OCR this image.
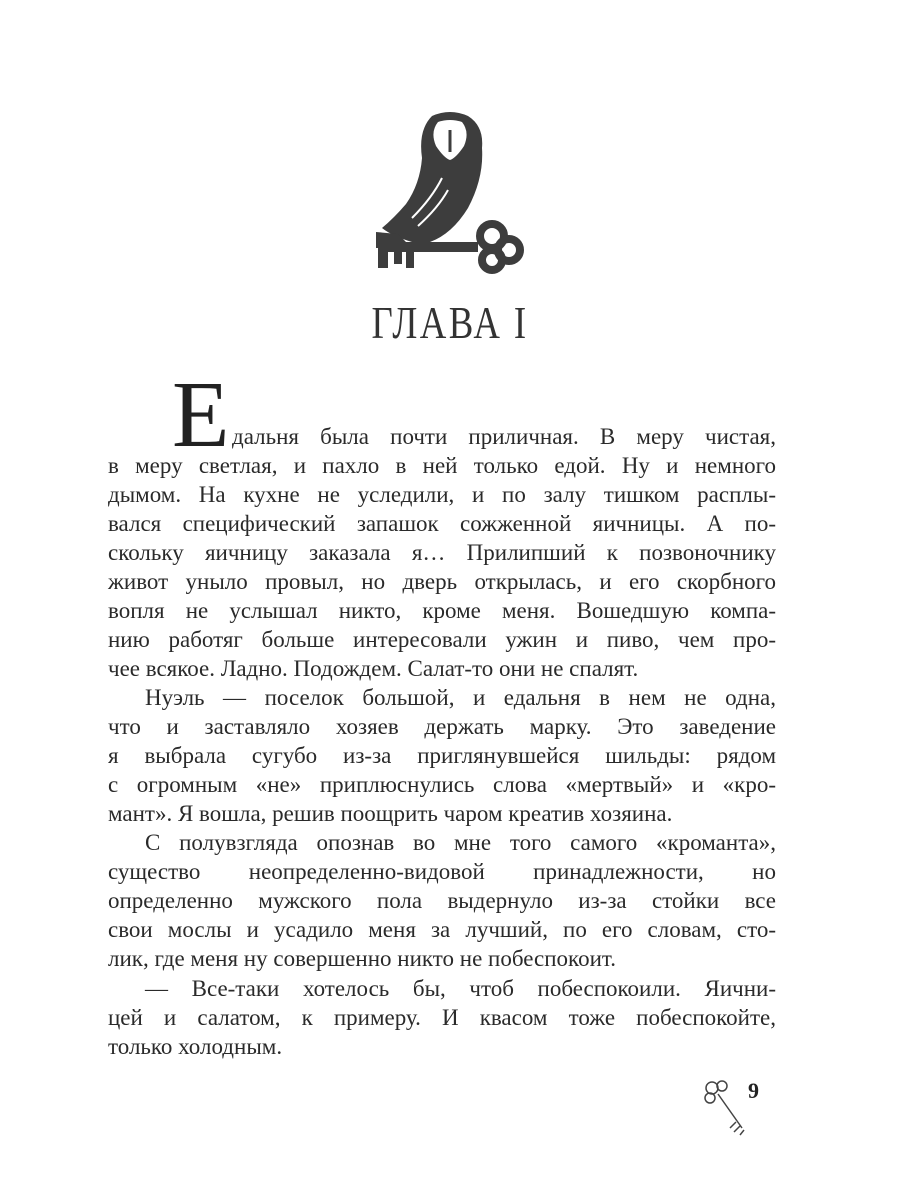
ГЛАВА I
Е дальня была почти приличная. В меру чистая,
в меру светлая, и пахло в ней только едой. Ну и немного
дымом. На кухне не уследили, и по залу тишком расплы-
вался специфический запашок сожженной яичницы. А по-
скольку яичницу заказала я… Прилипший к позвоночнику
живот уныло провыл, но дверь открылась, и его скорбного
вопля не услышал никто, кроме меня. Вошедшую компа-
нию работяг больше интересовали ужин и пиво, чем про-
чее всякое. Ладно. Подождем. Салат-то они не спалят.
Нуэль — поселок большой, и едальня в нем не одна,
что и заставляло хозяев держать марку. Это заведение
я выбрала сугубо из-за приглянувшейся шильды: рядом
с огромным «не» приплюснулись слова «мертвый» и «кро-
мант». Я вошла, решив поощрить чаром креатив хозяина.
С полувзгляда опознав во мне того самого «кроманта»,
существо неопределенно-видовой принадлежности, но
определенно мужского пола выдернуло из-за стойки все
свои мослы и усадило меня за лучший, по его словам, сто-
лик, где меня ну совершенно никто не побеспокоит.
— Все-таки хотелось бы, чтоб побеспокоили. Яични-
цей и салатом, к примеру. И квасом тоже побеспокойте,
только холодным.
9
